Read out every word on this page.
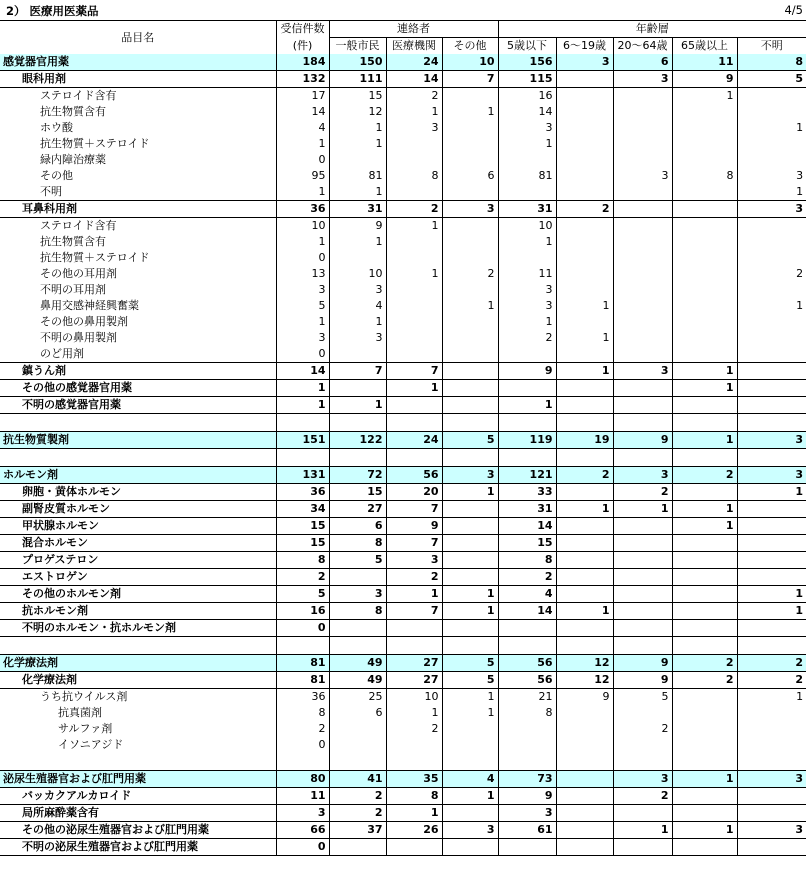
2） 医療用医薬品	4/5
品目名	受信件数	連絡者			年齢層				
	(件)	一般市民	医療機関	その他	5歳以下	6～19歳	20～64歳	65歳以上	不明
感覚器官用薬	184	150	24	10	156	3	6	11	8
眼科用剤	132	111	14	7	115		3	9	5
ステロイド含有	17	15	2		16			1	
抗生物質含有	14	12	1	1	14				
ホウ酸	4	1	3		3				1
抗生物質＋ステロイド	1	1			1				
緑内障治療薬	0								
その他	95	81	8	6	81		3	8	3
不明	1	1							1
耳鼻科用剤	36	31	2	3	31	2			3
ステロイド含有	10	9	1		10				
抗生物質含有	1	1			1				
抗生物質＋ステロイド	0								
その他の耳用剤	13	10	1	2	11				2
不明の耳用剤	3	3			3				
鼻用交感神経興奮薬	5	4		1	3	1			1
その他の鼻用製剤	1	1			1				
不明の鼻用製剤	3	3			2	1			
のど用剤	0								
鎮うん剤	14	7	7		9	1	3	1	
その他の感覚器官用薬	1		1					1	
不明の感覚器官用薬	1	1			1				

抗生物質製剤	151	122	24	5	119	19	9	1	3

ホルモン剤	131	72	56	3	121	2	3	2	3
卵胞・黄体ホルモン	36	15	20	1	33		2		1
副腎皮質ホルモン	34	27	7		31	1	1	1	
甲状腺ホルモン	15	6	9		14			1	
混合ホルモン	15	8	7		15				
プロゲステロン	8	5	3		8				
エストロゲン	2		2		2				
その他のホルモン剤	5	3	1	1	4				1
抗ホルモン剤	16	8	7	1	14	1			1
不明のホルモン・抗ホルモン剤	0								

化学療法剤	81	49	27	5	56	12	9	2	2
化学療法剤	81	49	27	5	56	12	9	2	2
うち抗ウイルス剤	36	25	10	1	21	9	5		1
抗真菌剤	8	6	1	1	8				
サルファ剤	2		2				2		
イソニアジド	0								

泌尿生殖器官および肛門用薬	80	41	35	4	73		3	1	3
バッカクアルカロイド	11	2	8	1	9		2		
局所麻酔薬含有	3	2	1		3				
その他の泌尿生殖器官および肛門用薬	66	37	26	3	61		1	1	3
不明の泌尿生殖器官および肛門用薬	0								
